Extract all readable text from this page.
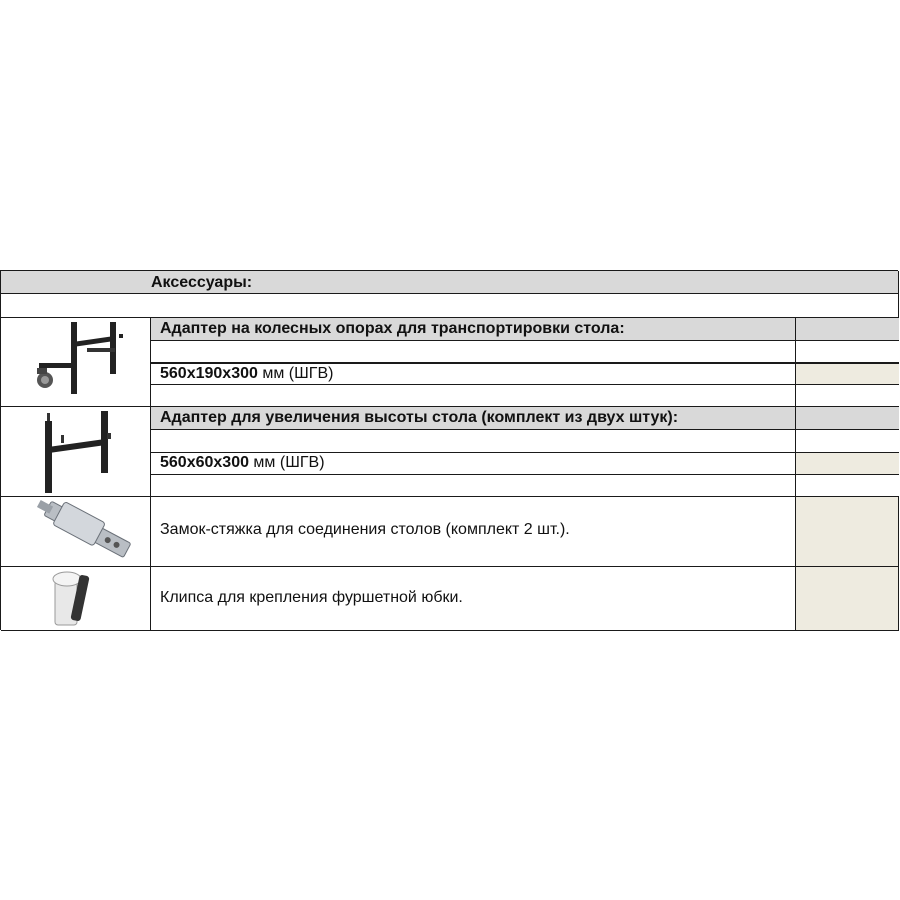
Аксессуары:
Адаптер на колесных опорах для транспортировки стола:
560x190x300 мм (ШГВ)
Адаптер для увеличения высоты стола (комплект из двух штук):
560x60x300 мм (ШГВ)
Замок-стяжка для соединения столов (комплект 2 шт.).
Клипса для крепления фуршетной юбки.
